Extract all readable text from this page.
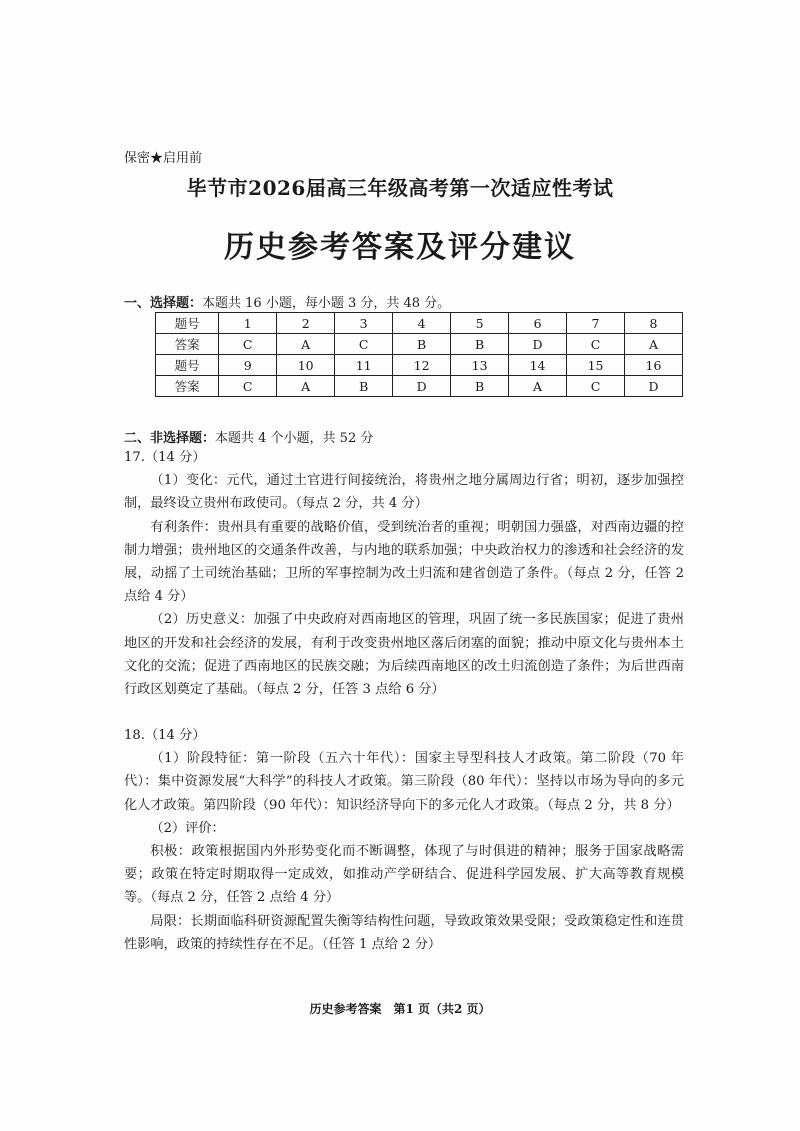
保密★启用前
毕节市2026届高三年级高考第一次适应性考试
历史参考答案及评分建议
一、选择题：本题共 16 小题，每小题 3 分，共 48 分。
题号	1	2	3	4	5	6	7	8
答案	C	A	C	B	B	D	C	A
题号	9	10	11	12	13	14	15	16
答案	C	A	B	D	B	A	C	D
二、非选择题：本题共 4 个小题，共 52 分

17.（14 分）

（1）变化：元代，通过土官进行间接统治，将贵州之地分属周边行省；明初，逐步加强控制，最终设立贵州布政使司。（每点 2 分，共 4 分）

有利条件：贵州具有重要的战略价值，受到统治者的重视；明朝国力强盛，对西南边疆的控制力增强；贵州地区的交通条件改善，与内地的联系加强；中央政治权力的渗透和社会经济的发展，动摇了土司统治基础；卫所的军事控制为改土归流和建省创造了条件。（每点 2 分，任答 2 点给 4 分）

（2）历史意义：加强了中央政府对西南地区的管理，巩固了统一多民族国家；促进了贵州地区的开发和社会经济的发展，有利于改变贵州地区落后闭塞的面貌；推动中原文化与贵州本土文化的交流；促进了西南地区的民族交融；为后续西南地区的改土归流创造了条件；为后世西南行政区划奠定了基础。（每点 2 分，任答 3 点给 6 分）

18.（14 分）

（1）阶段特征：第一阶段（五六十年代）：国家主导型科技人才政策。第二阶段（70 年代）：集中资源发展“大科学”的科技人才政策。第三阶段（80 年代）：坚持以市场为导向的多元化人才政策。第四阶段（90 年代）：知识经济导向下的多元化人才政策。（每点 2 分，共 8 分）

（2）评价：

积极：政策根据国内外形势变化而不断调整，体现了与时俱进的精神；服务于国家战略需要；政策在特定时期取得一定成效，如推动产学研结合、促进科学园发展、扩大高等教育规模等。（每点 2 分，任答 2 点给 4 分）

局限：长期面临科研资源配置失衡等结构性问题，导致政策效果受限；受政策稳定性和连贯性影响，政策的持续性存在不足。（任答 1 点给 2 分）

历史参考答案　第1 页（共2 页）
